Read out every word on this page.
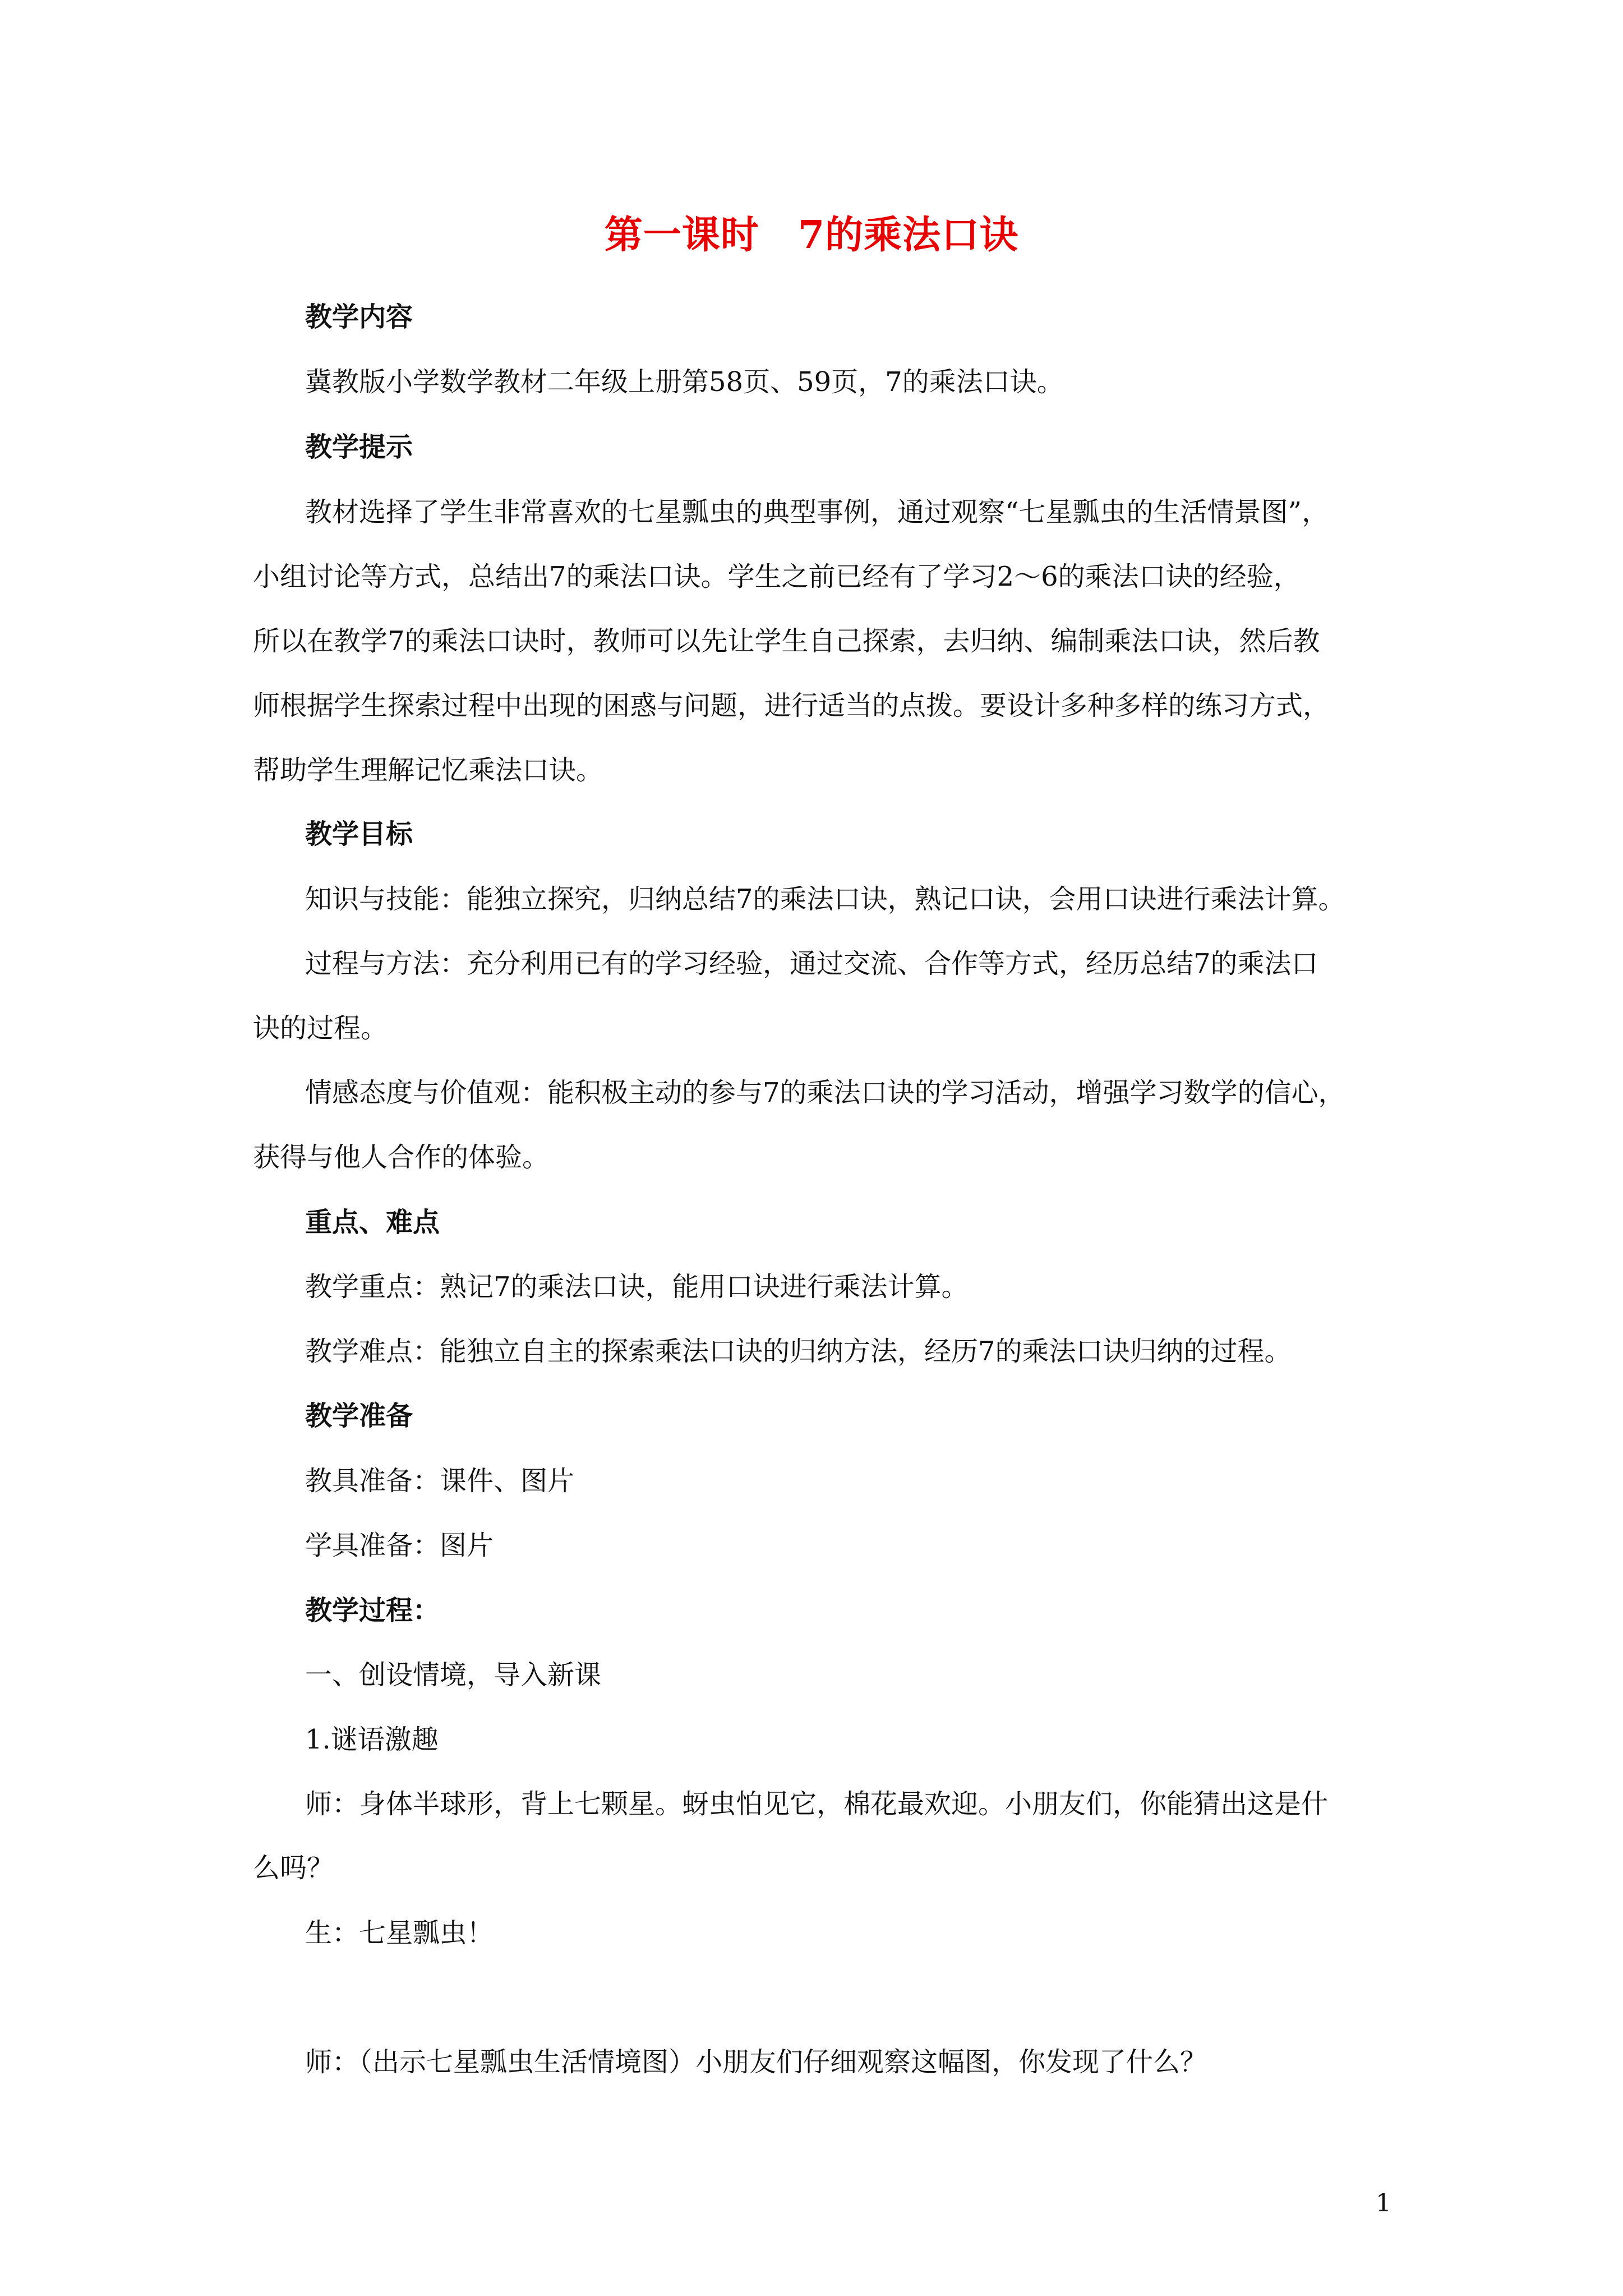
第一课时　7的乘法口诀
教学内容
冀教版小学数学教材二年级上册第58页、59页，7的乘法口诀。
教学提示
教材选择了学生非常喜欢的七星瓢虫的典型事例，通过观察“七星瓢虫的生活情景图”，
小组讨论等方式，总结出7的乘法口诀。学生之前已经有了学习2～6的乘法口诀的经验，
所以在教学7的乘法口诀时，教师可以先让学生自己探索，去归纳、编制乘法口诀，然后教
师根据学生探索过程中出现的困惑与问题，进行适当的点拨。要设计多种多样的练习方式，
帮助学生理解记忆乘法口诀。
教学目标
知识与技能：能独立探究，归纳总结7的乘法口诀，熟记口诀，会用口诀进行乘法计算。
过程与方法：充分利用已有的学习经验，通过交流、合作等方式，经历总结7的乘法口
诀的过程。
情感态度与价值观：能积极主动的参与7的乘法口诀的学习活动，增强学习数学的信心，
获得与他人合作的体验。
重点、难点
教学重点：熟记7的乘法口诀，能用口诀进行乘法计算。
教学难点：能独立自主的探索乘法口诀的归纳方法，经历7的乘法口诀归纳的过程。
教学准备
教具准备：课件、图片
学具准备：图片
教学过程：
一、创设情境，导入新课
1.谜语激趣
师：身体半球形，背上七颗星。蚜虫怕见它，棉花最欢迎。小朋友们，你能猜出这是什
么吗？
生：七星瓢虫！
师：（出示七星瓢虫生活情境图）小朋友们仔细观察这幅图，你发现了什么？
1
